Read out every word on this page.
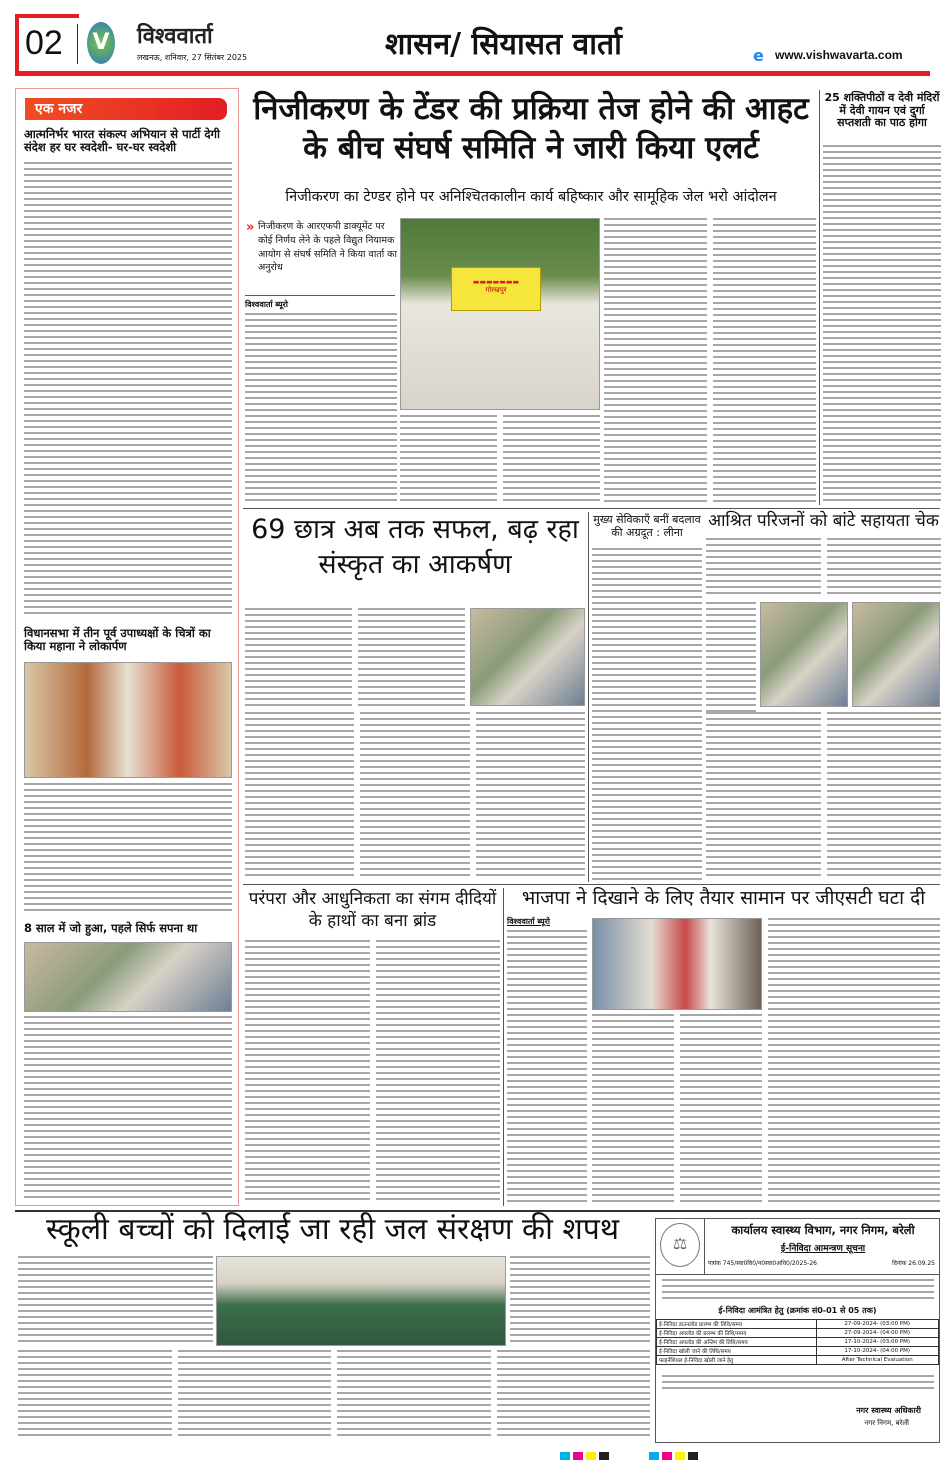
02 V विश्ववार्ता
लखनऊ, शनिवार, 27 सितंबर 2025	शासन/ सियासत वार्ता	e www.vishwavarta.com
एक नजर
आत्मनिर्भर भारत संकल्प अभियान से पार्टी देगी संदेश हर घर स्वदेशी- घर-घर स्वदेशी
विधानसभा में तीन पूर्व उपाध्यक्षों के चित्रों का किया महाना ने लोकार्पण
8 साल में जो हुआ, पहले सिर्फ सपना था
निजीकरण के टेंडर की प्रक्रिया तेज होने की आहट के बीच संघर्ष समिति ने जारी किया एलर्ट
निजीकरण का टेण्डर होने पर अनिश्चितकालीन कार्य बहिष्कार और सामूहिक जेल भरो आंदोलन
» निजीकरण के आरएफपी डाक्यूमेंट पर कोई निर्णय लेने के पहले विद्युत नियामक आयोग से संघर्ष समिति ने किया वार्ता का अनुरोध
विश्ववार्ता ब्यूरो
▬▬▬▬▬▬▬
गोरखपुर
25 शक्तिपीठों व देवी मंदिरों में देवी गायन एवं दुर्गा सप्तशती का पाठ होगा
69 छात्र अब तक सफल, बढ़ रहा संस्कृत का आकर्षण
मुख्य सेविकाएँ बनीं बदलाव की अग्रदूत : लीना
आश्रित परिजनों को बांटे सहायता चेक
परंपरा और आधुनिकता का संगम दीदियों के हाथों का बना ब्रांड
भाजपा ने दिखाने के लिए तैयार सामान पर जीएसटी घटा दी
विश्ववार्ता ब्यूरो
स्कूली बच्चों को दिलाई जा रही जल संरक्षण की शपथ	⚖
कार्यालय स्वास्थ्य विभाग, नगर निगम, बरेली
ई-निविदा आमन्त्रण सूचना
पत्रांक 745/स्वा0वि0/न0स्वा0अधि0/2025-26	दिनांक 26.09.25
ई-निविदा आमंत्रित हेतु (क्रमांक सं0-01 से 05 तक)
ई-निविदा डाउनलोड प्रारम्भ की तिथि/समय	27-09-2024- (03:00 PM)
ई-निविदा अपलोड की प्रारम्भ की तिथि/समय	27-09-2024- (04:00 PM)
ई-निविदा अपलोड की अन्तिम की तिथि/समय	17-10-2024- (03:00 PM)
ई-निविदा खोली जाने की तिथि/समय	17-10-2024- (04:00 PM)
फाइनेंशियल ई-निविदा खोली जाने हेतु	After Technical Evaluation
नगर स्वास्थ्य अधिकारी
नगर निगम, बरेली
